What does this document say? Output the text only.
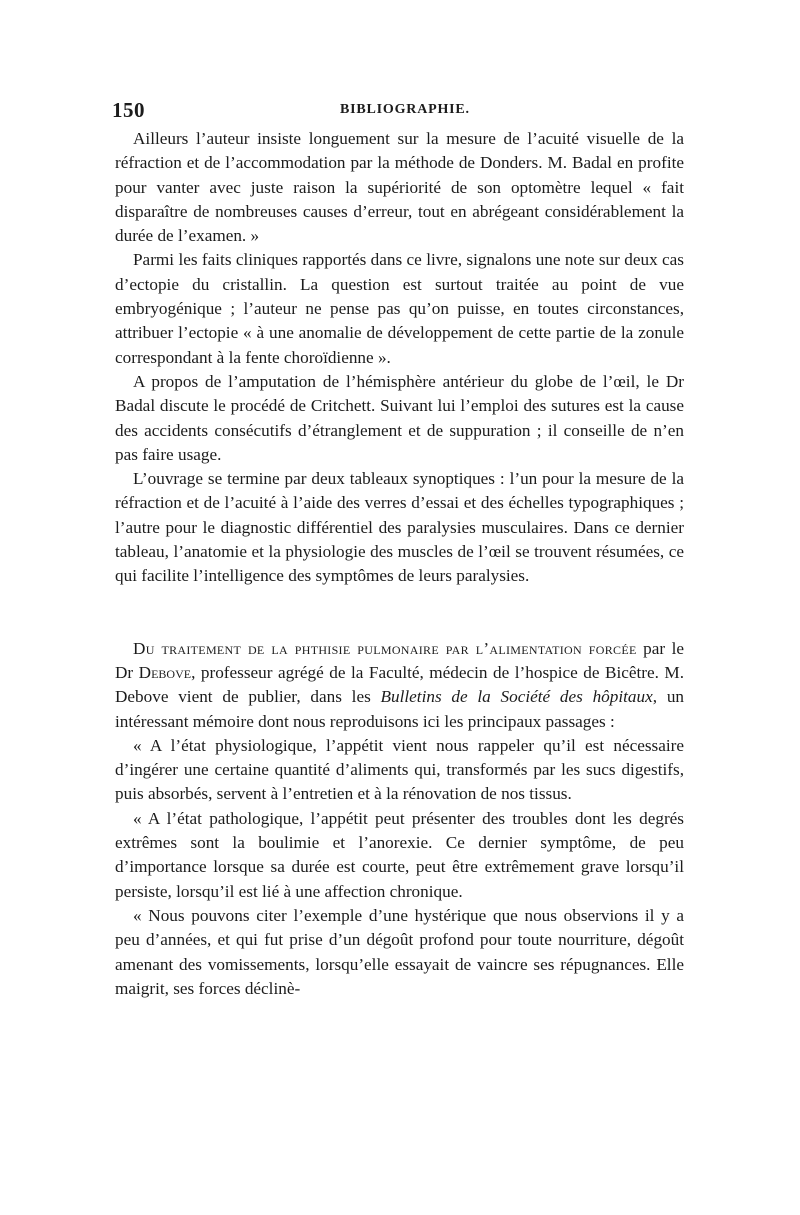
150	BIBLIOGRAPHIE.

Ailleurs l’auteur insiste longuement sur la mesure de l’acuité visuelle de la réfraction et de l’accommodation par la méthode de Donders. M. Badal en profite pour vanter avec juste raison la supériorité de son optomètre lequel « fait disparaître de nombreuses causes d’erreur, tout en abrégeant considérablement la durée de l’examen. »

Parmi les faits cliniques rapportés dans ce livre, signalons une note sur deux cas d’ectopie du cristallin. La question est surtout traitée au point de vue embryogénique ; l’auteur ne pense pas qu’on puisse, en toutes circonstances, attribuer l’ectopie « à une anomalie de développement de cette partie de la zonule correspondant à la fente choroïdienne ».

A propos de l’amputation de l’hémisphère antérieur du globe de l’œil, le Dr Badal discute le procédé de Critchett. Suivant lui l’emploi des sutures est la cause des accidents consécutifs d’étranglement et de suppuration ; il conseille de n’en pas faire usage.

L’ouvrage se termine par deux tableaux synoptiques : l’un pour la mesure de la réfraction et de l’acuité à l’aide des verres d’essai et des échelles typographiques ; l’autre pour le diagnostic différentiel des paralysies musculaires. Dans ce dernier tableau, l’anatomie et la physiologie des muscles de l’œil se trouvent résumées, ce qui facilite l’intelligence des symptômes de leurs paralysies.

Du traitement de la phthisie pulmonaire par l’alimentation forcée par le Dr Debove, professeur agrégé de la Faculté, médecin de l’hospice de Bicêtre. M. Debove vient de publier, dans les Bulletins de la Société des hôpitaux, un intéressant mémoire dont nous reproduisons ici les principaux passages :

« A l’état physiologique, l’appétit vient nous rappeler qu’il est nécessaire d’ingérer une certaine quantité d’aliments qui, transformés par les sucs digestifs, puis absorbés, servent à l’entretien et à la rénovation de nos tissus.

« A l’état pathologique, l’appétit peut présenter des troubles dont les degrés extrêmes sont la boulimie et l’anorexie. Ce dernier symptôme, de peu d’importance lorsque sa durée est courte, peut être extrêmement grave lorsqu’il persiste, lorsqu’il est lié à une affection chronique.

« Nous pouvons citer l’exemple d’une hystérique que nous observions il y a peu d’années, et qui fut prise d’un dégoût profond pour toute nourriture, dégoût amenant des vomissements, lorsqu’elle essayait de vaincre ses répugnances. Elle maigrit, ses forces déclinè-
